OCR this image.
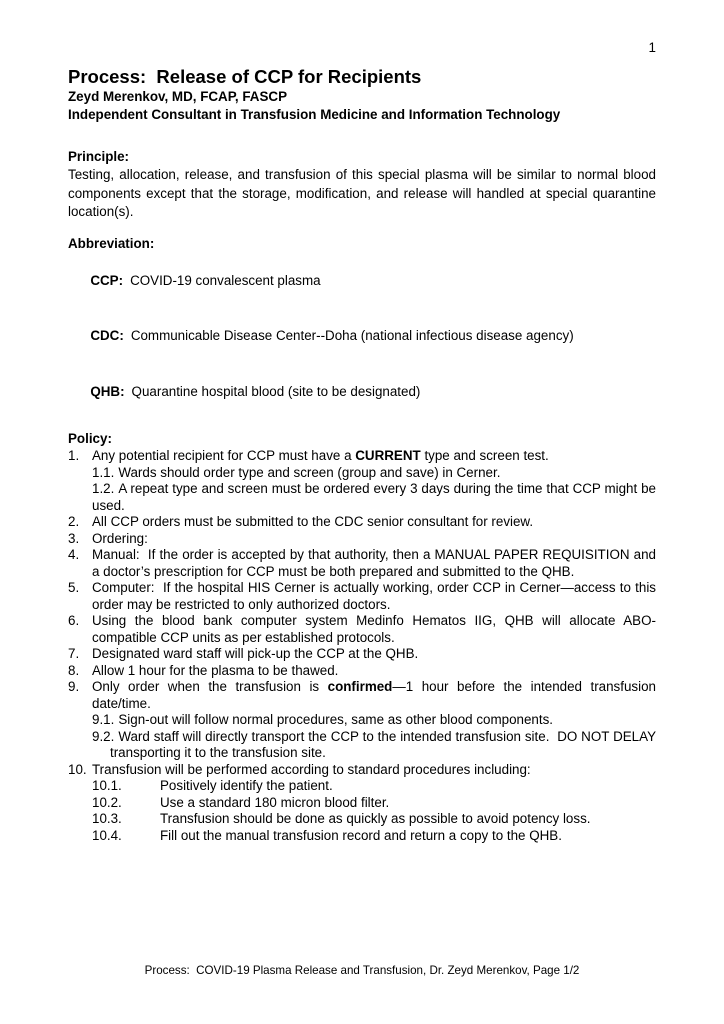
1
Process:  Release of CCP for Recipients
Zeyd Merenkov, MD, FCAP, FASCP
Independent Consultant in Transfusion Medicine and Information Technology
Principle:

Testing, allocation, release, and transfusion of this special plasma will be similar to normal blood components except that the storage, modification, and release will handled at special quarantine location(s).

Abbreviation:

CCP: COVID-19 convalescent plasma

CDC: Communicable Disease Center--Doha (national infectious disease agency)

QHB: Quarantine hospital blood (site to be designated)

Policy:
1. Any potential recipient for CCP must have a CURRENT type and screen test.
1.1. Wards should order type and screen (group and save) in Cerner.
1.2. A repeat type and screen must be ordered every 3 days during the time that CCP might be used.
2. All CCP orders must be submitted to the CDC senior consultant for review.
3. Ordering:
4. Manual:  If the order is accepted by that authority, then a MANUAL PAPER REQUISITION and a doctor’s prescription for CCP must be both prepared and submitted to the QHB.
5. Computer:  If the hospital HIS Cerner is actually working, order CCP in Cerner—access to this order may be restricted to only authorized doctors.
6. Using the blood bank computer system Medinfo Hematos IIG, QHB will allocate ABO-compatible CCP units as per established protocols.
7. Designated ward staff will pick-up the CCP at the QHB.
8. Allow 1 hour for the plasma to be thawed.
9. Only order when the transfusion is confirmed—1 hour before the intended transfusion date/time.
9.1. Sign-out will follow normal procedures, same as other blood components.
9.2. Ward staff will directly transport the CCP to the intended transfusion site.  DO NOT DELAY transporting it to the transfusion site.
10. Transfusion will be performed according to standard procedures including:
10.1.	Positively identify the patient.
10.2.	Use a standard 180 micron blood filter.
10.3.	Transfusion should be done as quickly as possible to avoid potency loss.
10.4.	Fill out the manual transfusion record and return a copy to the QHB.
Process:  COVID-19 Plasma Release and Transfusion, Dr. Zeyd Merenkov, Page 1/2
